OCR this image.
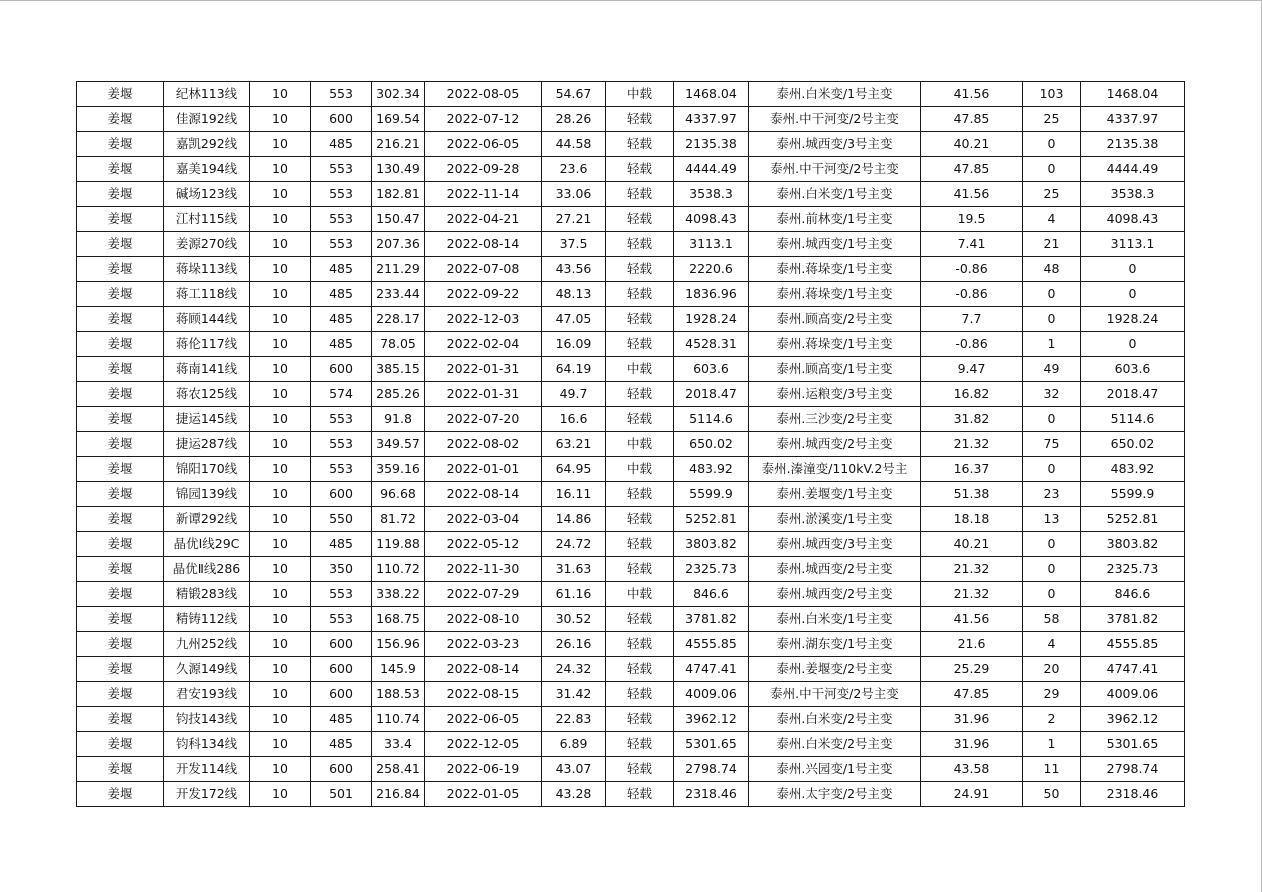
姜堰	纪林113线	10	553	302.34	2022-08-05	54.67	中载	1468.04	泰州.白米变/1号主变	41.56	103	1468.04
姜堰	佳源192线	10	600	169.54	2022-07-12	28.26	轻载	4337.97	泰州.中干河变/2号主变	47.85	25	4337.97
姜堰	嘉凯292线	10	485	216.21	2022-06-05	44.58	轻载	2135.38	泰州.城西变/3号主变	40.21	0	2135.38
姜堰	嘉美194线	10	553	130.49	2022-09-28	23.6	轻载	4444.49	泰州.中干河变/2号主变	47.85	0	4444.49
姜堰	碱场123线	10	553	182.81	2022-11-14	33.06	轻载	3538.3	泰州.白米变/1号主变	41.56	25	3538.3
姜堰	江村115线	10	553	150.47	2022-04-21	27.21	轻载	4098.43	泰州.前林变/1号主变	19.5	4	4098.43
姜堰	姜源270线	10	553	207.36	2022-08-14	37.5	轻载	3113.1	泰州.城西变/1号主变	7.41	21	3113.1
姜堰	蒋垛113线	10	485	211.29	2022-07-08	43.56	轻载	2220.6	泰州.蒋垛变/1号主变	-0.86	48	0
姜堰	蒋工118线	10	485	233.44	2022-09-22	48.13	轻载	1836.96	泰州.蒋垛变/1号主变	-0.86	0	0
姜堰	蒋顾144线	10	485	228.17	2022-12-03	47.05	轻载	1928.24	泰州.顾高变/2号主变	7.7	0	1928.24
姜堰	蒋伦117线	10	485	78.05	2022-02-04	16.09	轻载	4528.31	泰州.蒋垛变/1号主变	-0.86	1	0
姜堰	蒋南141线	10	600	385.15	2022-01-31	64.19	中载	603.6	泰州.顾高变/1号主变	9.47	49	603.6
姜堰	蒋农125线	10	574	285.26	2022-01-31	49.7	轻载	2018.47	泰州.运粮变/3号主变	16.82	32	2018.47
姜堰	捷运145线	10	553	91.8	2022-07-20	16.6	轻载	5114.6	泰州.三沙变/2号主变	31.82	0	5114.6
姜堰	捷运287线	10	553	349.57	2022-08-02	63.21	中载	650.02	泰州.城西变/2号主变	21.32	75	650.02
姜堰	锦阳170线	10	553	359.16	2022-01-01	64.95	中载	483.92	泰州.溱潼变/110kV.2号主	16.37	0	483.92
姜堰	锦园139线	10	600	96.68	2022-08-14	16.11	轻载	5599.9	泰州.姜堰变/1号主变	51.38	23	5599.9
姜堰	新谭292线	10	550	81.72	2022-03-04	14.86	轻载	5252.81	泰州.淤溪变/1号主变	18.18	13	5252.81
姜堰	晶优Ⅰ线29C	10	485	119.88	2022-05-12	24.72	轻载	3803.82	泰州.城西变/3号主变	40.21	0	3803.82
姜堰	晶优Ⅱ线286	10	350	110.72	2022-11-30	31.63	轻载	2325.73	泰州.城西变/2号主变	21.32	0	2325.73
姜堰	精锻283线	10	553	338.22	2022-07-29	61.16	中载	846.6	泰州.城西变/2号主变	21.32	0	846.6
姜堰	精铸112线	10	553	168.75	2022-08-10	30.52	轻载	3781.82	泰州.白米变/1号主变	41.56	58	3781.82
姜堰	九州252线	10	600	156.96	2022-03-23	26.16	轻载	4555.85	泰州.湖东变/1号主变	21.6	4	4555.85
姜堰	久源149线	10	600	145.9	2022-08-14	24.32	轻载	4747.41	泰州.姜堰变/2号主变	25.29	20	4747.41
姜堰	君安193线	10	600	188.53	2022-08-15	31.42	轻载	4009.06	泰州.中干河变/2号主变	47.85	29	4009.06
姜堰	钧技143线	10	485	110.74	2022-06-05	22.83	轻载	3962.12	泰州.白米变/2号主变	31.96	2	3962.12
姜堰	钧科134线	10	485	33.4	2022-12-05	6.89	轻载	5301.65	泰州.白米变/2号主变	31.96	1	5301.65
姜堰	开发114线	10	600	258.41	2022-06-19	43.07	轻载	2798.74	泰州.兴园变/1号主变	43.58	11	2798.74
姜堰	开发172线	10	501	216.84	2022-01-05	43.28	轻载	2318.46	泰州.太宇变/2号主变	24.91	50	2318.46
